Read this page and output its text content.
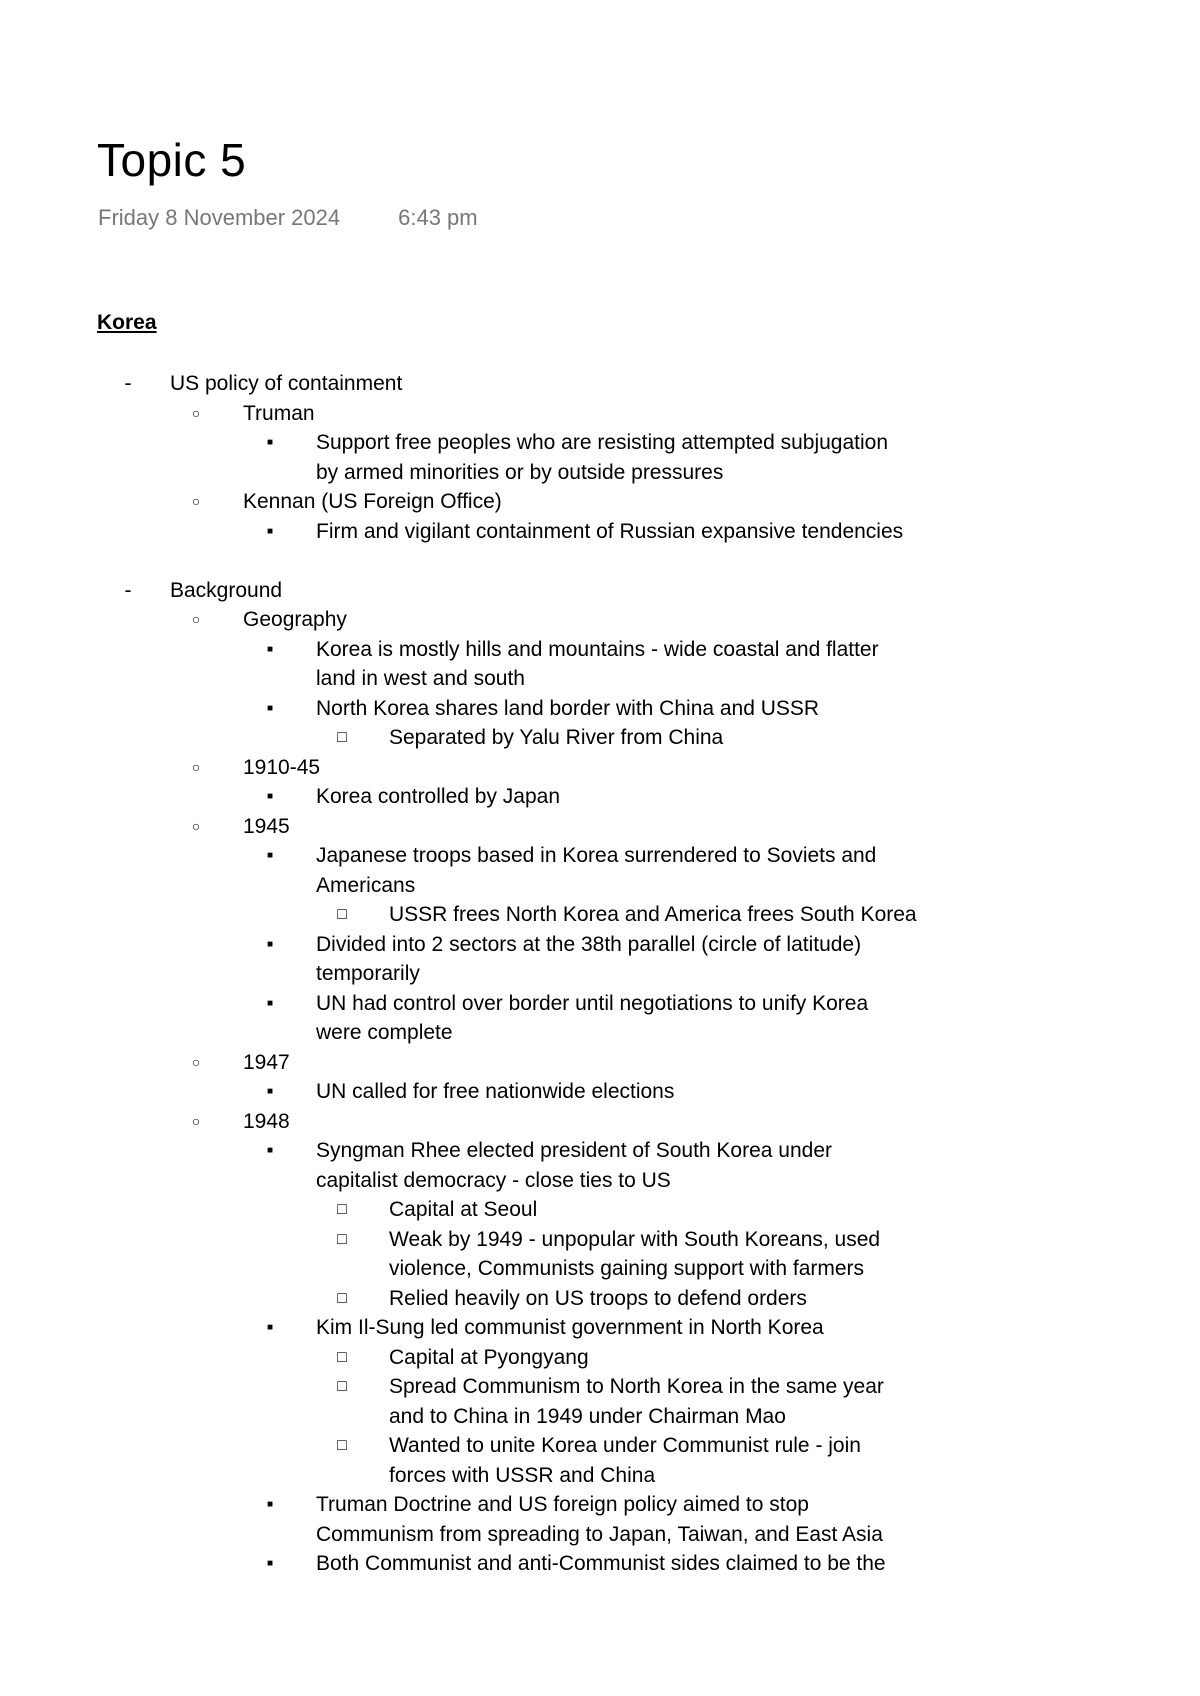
Topic 5
Friday 8 November 2024	6:43 pm
Korea
-	US policy of containment
○ Truman
■	Support free peoples who are resisting attempted subjugation
by armed minorities or by outside pressures
○ Kennan (US Foreign Office)
■	Firm and vigilant containment of Russian expansive tendencies
-	Background
○ Geography
■	Korea is mostly hills and mountains - wide coastal and flatter
land in west and south
■	North Korea shares land border with China and USSR
□ Separated by Yalu River from China
○ 1910-45
■	Korea controlled by Japan
○ 1945
■	Japanese troops based in Korea surrendered to Soviets and
Americans
□ USSR frees North Korea and America frees South Korea
■	Divided into 2 sectors at the 38th parallel (circle of latitude)
temporarily
■	UN had control over border until negotiations to unify Korea
were complete
○ 1947
■	UN called for free nationwide elections
○ 1948
■	Syngman Rhee elected president of South Korea under
capitalist democracy - close ties to US
□ Capital at Seoul
□ Weak by 1949 - unpopular with South Koreans, used
violence, Communists gaining support with farmers
□ Relied heavily on US troops to defend orders
■	Kim Il-Sung led communist government in North Korea
□ Capital at Pyongyang
□ Spread Communism to North Korea in the same year
and to China in 1949 under Chairman Mao
□ Wanted to unite Korea under Communist rule - join
forces with USSR and China
■	Truman Doctrine and US foreign policy aimed to stop
Communism from spreading to Japan, Taiwan, and East Asia
■	Both Communist and anti-Communist sides claimed to be the
